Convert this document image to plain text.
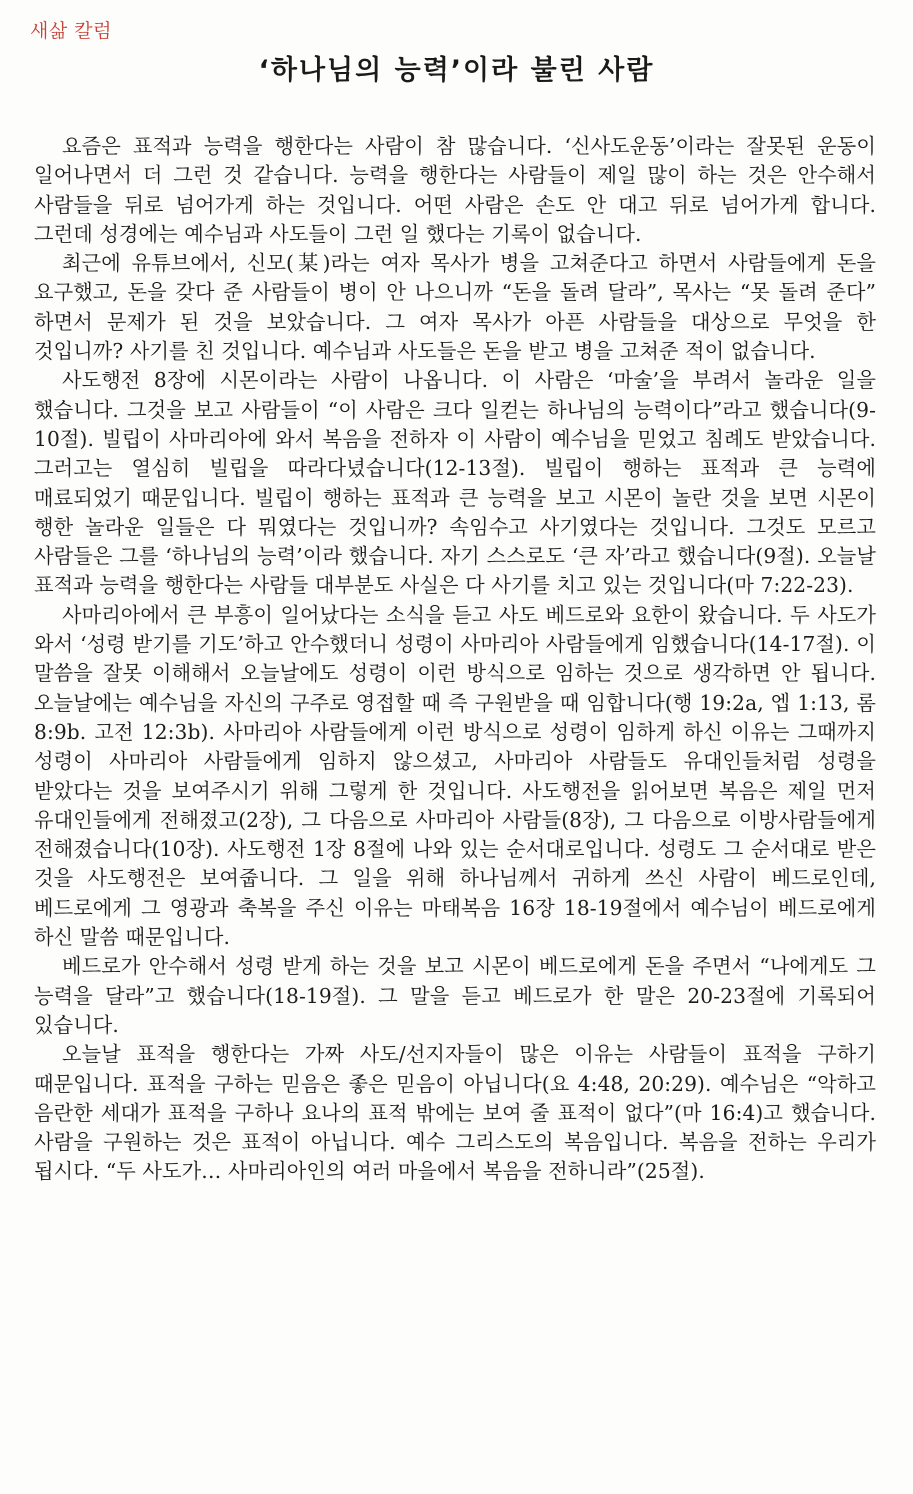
새삶 칼럼
‘하나님의 능력’이라 불린 사람

요즘은 표적과 능력을 행한다는 사람이 참 많습니다. ‘신사도운동’이라는 잘못된 운동이 일어나면서 더 그런 것 같습니다. 능력을 행한다는 사람들이 제일 많이 하는 것은 안수해서 사람들을 뒤로 넘어가게 하는 것입니다. 어떤 사람은 손도 안 대고 뒤로 넘어가게 합니다. 그런데 성경에는 예수님과 사도들이 그런 일 했다는 기록이 없습니다.

최근에 유튜브에서, 신모(某)라는 여자 목사가 병을 고쳐준다고 하면서 사람들에게 돈을 요구했고, 돈을 갖다 준 사람들이 병이 안 나으니까 “돈을 돌려 달라”, 목사는 “못 돌려 준다” 하면서 문제가 된 것을 보았습니다. 그 여자 목사가 아픈 사람들을 대상으로 무엇을 한 것입니까? 사기를 친 것입니다. 예수님과 사도들은 돈을 받고 병을 고쳐준 적이 없습니다.

사도행전 8장에 시몬이라는 사람이 나옵니다. 이 사람은 ‘마술’을 부려서 놀라운 일을 했습니다. 그것을 보고 사람들이 “이 사람은 크다 일컫는 하나님의 능력이다”라고 했습니다(9-10절). 빌립이 사마리아에 와서 복음을 전하자 이 사람이 예수님을 믿었고 침례도 받았습니다. 그러고는 열심히 빌립을 따라다녔습니다(12-13절). 빌립이 행하는 표적과 큰 능력에 매료되었기 때문입니다. 빌립이 행하는 표적과 큰 능력을 보고 시몬이 놀란 것을 보면 시몬이 행한 놀라운 일들은 다 뭐였다는 것입니까? 속임수고 사기였다는 것입니다. 그것도 모르고 사람들은 그를 ‘하나님의 능력’이라 했습니다. 자기 스스로도 ‘큰 자’라고 했습니다(9절). 오늘날 표적과 능력을 행한다는 사람들 대부분도 사실은 다 사기를 치고 있는 것입니다(마 7:22-23).

사마리아에서 큰 부흥이 일어났다는 소식을 듣고 사도 베드로와 요한이 왔습니다. 두 사도가 와서 ‘성령 받기를 기도’하고 안수했더니 성령이 사마리아 사람들에게 임했습니다(14-17절). 이 말씀을 잘못 이해해서 오늘날에도 성령이 이런 방식으로 임하는 것으로 생각하면 안 됩니다. 오늘날에는 예수님을 자신의 구주로 영접할 때 즉 구원받을 때 임합니다(행 19:2a, 엡 1:13, 롬 8:9b. 고전 12:3b). 사마리아 사람들에게 이런 방식으로 성령이 임하게 하신 이유는 그때까지 성령이 사마리아 사람들에게 임하지 않으셨고, 사마리아 사람들도 유대인들처럼 성령을 받았다는 것을 보여주시기 위해 그렇게 한 것입니다. 사도행전을 읽어보면 복음은 제일 먼저 유대인들에게 전해졌고(2장), 그 다음으로 사마리아 사람들(8장), 그 다음으로 이방사람들에게 전해졌습니다(10장). 사도행전 1장 8절에 나와 있는 순서대로입니다. 성령도 그 순서대로 받은 것을 사도행전은 보여줍니다. 그 일을 위해 하나님께서 귀하게 쓰신 사람이 베드로인데, 베드로에게 그 영광과 축복을 주신 이유는 마태복음 16장 18-19절에서 예수님이 베드로에게 하신 말씀 때문입니다.

베드로가 안수해서 성령 받게 하는 것을 보고 시몬이 베드로에게 돈을 주면서 “나에게도 그 능력을 달라”고 했습니다(18-19절). 그 말을 듣고 베드로가 한 말은 20-23절에 기록되어 있습니다.

오늘날 표적을 행한다는 가짜 사도/선지자들이 많은 이유는 사람들이 표적을 구하기 때문입니다. 표적을 구하는 믿음은 좋은 믿음이 아닙니다(요 4:48, 20:29). 예수님은 “악하고 음란한 세대가 표적을 구하나 요나의 표적 밖에는 보여 줄 표적이 없다”(마 16:4)고 했습니다. 사람을 구원하는 것은 표적이 아닙니다. 예수 그리스도의 복음입니다. 복음을 전하는 우리가 됩시다. “두 사도가… 사마리아인의 여러 마을에서 복음을 전하니라”(25절).
